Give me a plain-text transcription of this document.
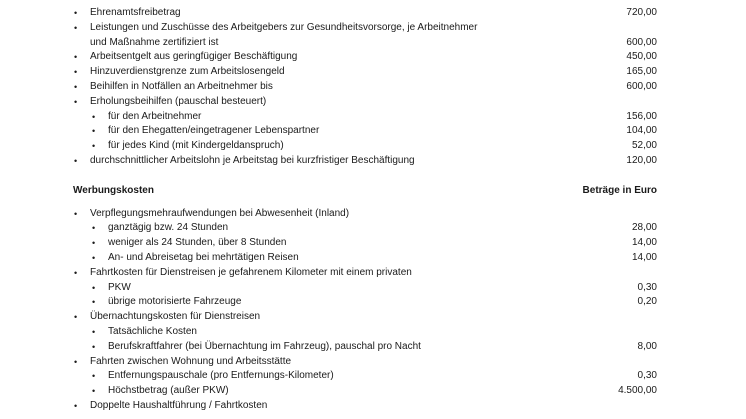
• Ehrenamtsfreibetrag	720,00
• Leistungen und Zuschüsse des Arbeitgebers zur Gesundheitsvorsorge, je Arbeitnehmer
und Maßnahme zertifiziert ist	600,00
• Arbeitsentgelt aus geringfügiger Beschäftigung	450,00
• Hinzuverdienstgrenze zum Arbeitslosengeld	165,00
• Beihilfen in Notfällen an Arbeitnehmer bis	600,00
• Erholungsbeihilfen (pauschal besteuert)
• für den Arbeitnehmer	156,00
• für den Ehegatten/eingetragener Lebenspartner	104,00
• für jedes Kind (mit Kindergeldanspruch)	52,00
• durchschnittlicher Arbeitslohn je Arbeitstag bei kurzfristiger Beschäftigung	120,00
Werbungskosten	Beträge in Euro
• Verpflegungsmehraufwendungen bei Abwesenheit (Inland)
• ganztägig bzw. 24 Stunden	28,00
• weniger als 24 Stunden, über 8 Stunden	14,00
• An- und Abreisetag bei mehrtätigen Reisen	14,00
• Fahrtkosten für Dienstreisen je gefahrenem Kilometer mit einem privaten
• PKW	0,30
• übrige motorisierte Fahrzeuge	0,20
• Übernachtungskosten für Dienstreisen
• Tatsächliche Kosten
• Berufskraftfahrer (bei Übernachtung im Fahrzeug), pauschal pro Nacht	8,00
• Fahrten zwischen Wohnung und Arbeitsstätte
• Entfernungspauschale (pro Entfernungs-Kilometer)	0,30
• Höchstbetrag (außer PKW)	4.500,00
• Doppelte Haushaltführung / Fahrtkosten
